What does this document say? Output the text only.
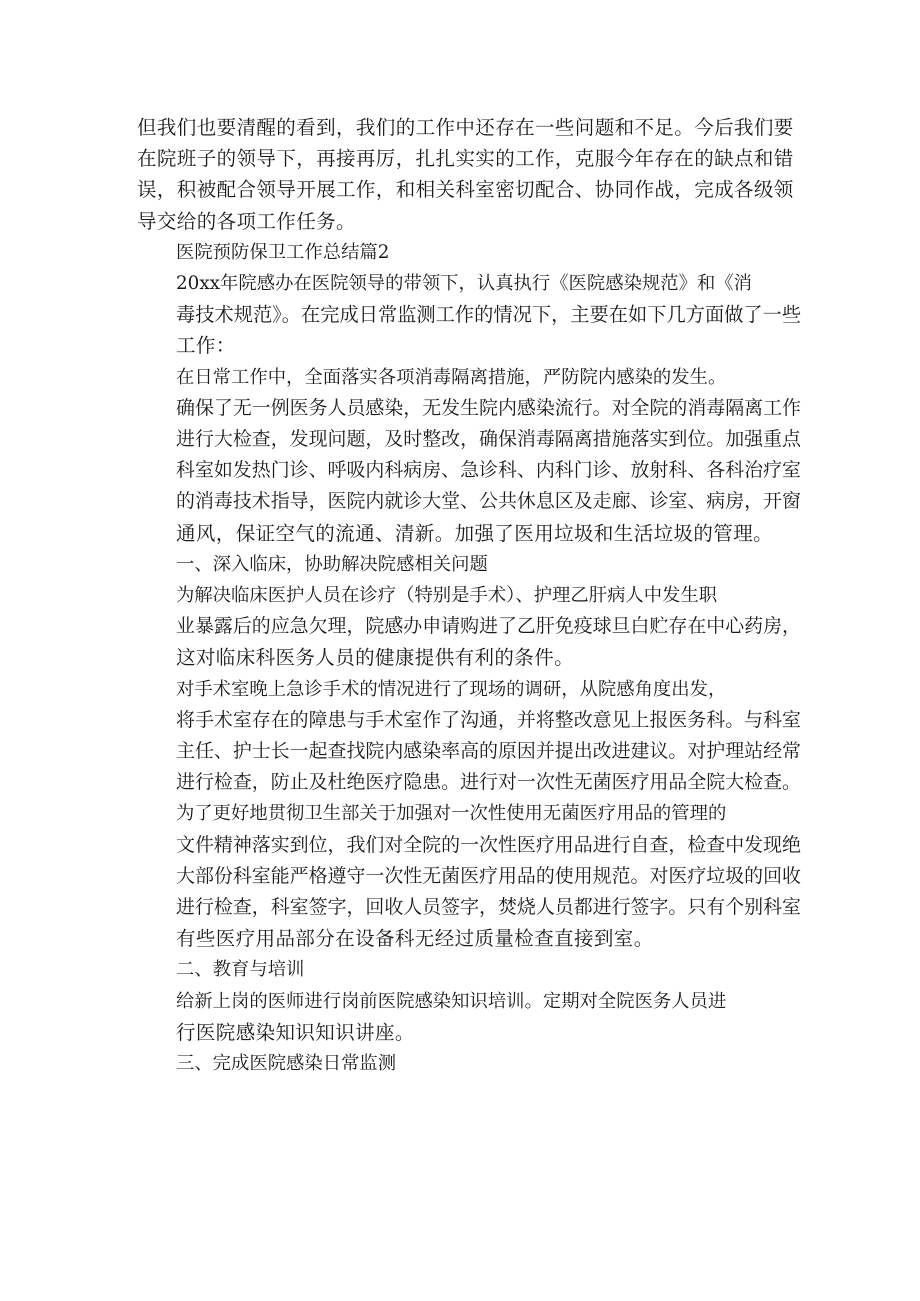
但我们也要清醒的看到，我们的工作中还存在一些问题和不足。今后我们要
在院班子的领导下，再接再厉，扎扎实实的工作，克服今年存在的缺点和错
误，积被配合领导开展工作，和相关科室密切配合、协同作战，完成各级领
导交给的各项工作任务。

医院预防保卫工作总结篇2

20xx年院感办在医院领导的带领下，认真执行《医院感染规范》和《消
毒技术规范》。在完成日常监测工作的情况下，主要在如下几方面做了一些
工作：

在日常工作中，全面落实各项消毒隔离措施，严防院内感染的发生。
确保了无一例医务人员感染，无发生院内感染流行。对全院的消毒隔离工作
进行大检查，发现问题，及时整改，确保消毒隔离措施落实到位。加强重点
科室如发热门诊、呼吸内科病房、急诊科、内科门诊、放射科、各科治疗室
的消毒技术指导，医院内就诊大堂、公共休息区及走廊、诊室、病房，开窗
通风，保证空气的流通、清新。加强了医用垃圾和生活垃圾的管理。

一、深入临床，协助解决院感相关问题

为解决临床医护人员在诊疗（特别是手术）、护理乙肝病人中发生职
业暴露后的应急欠理，院感办申请购进了乙肝免疫球旦白贮存在中心药房，
这对临床科医务人员的健康提供有利的条件。

对手术室晚上急诊手术的情况进行了现场的调研，从院感角度出发，
将手术室存在的障患与手术室作了沟通，并将整改意见上报医务科。与科室
主任、护士长一起查找院内感染率高的原因并提出改进建议。对护理站经常
进行检查，防止及杜绝医疗隐患。进行对一次性无菌医疗用品全院大检查。

为了更好地贯彻卫生部关于加强对一次性使用无菌医疗用品的管理的
文件精神落实到位，我们对全院的一次性医疗用品进行自查，检查中发现绝
大部份科室能严格遵守一次性无菌医疗用品的使用规范。对医疗垃圾的回收
进行检查，科室签字，回收人员签字，焚烧人员都进行签字。只有个别科室
有些医疗用品部分在设备科无经过质量检查直接到室。

二、教育与培训

给新上岗的医师进行岗前医院感染知识培训。定期对全院医务人员进
行医院感染知识知识讲座。

三、完成医院感染日常监测
